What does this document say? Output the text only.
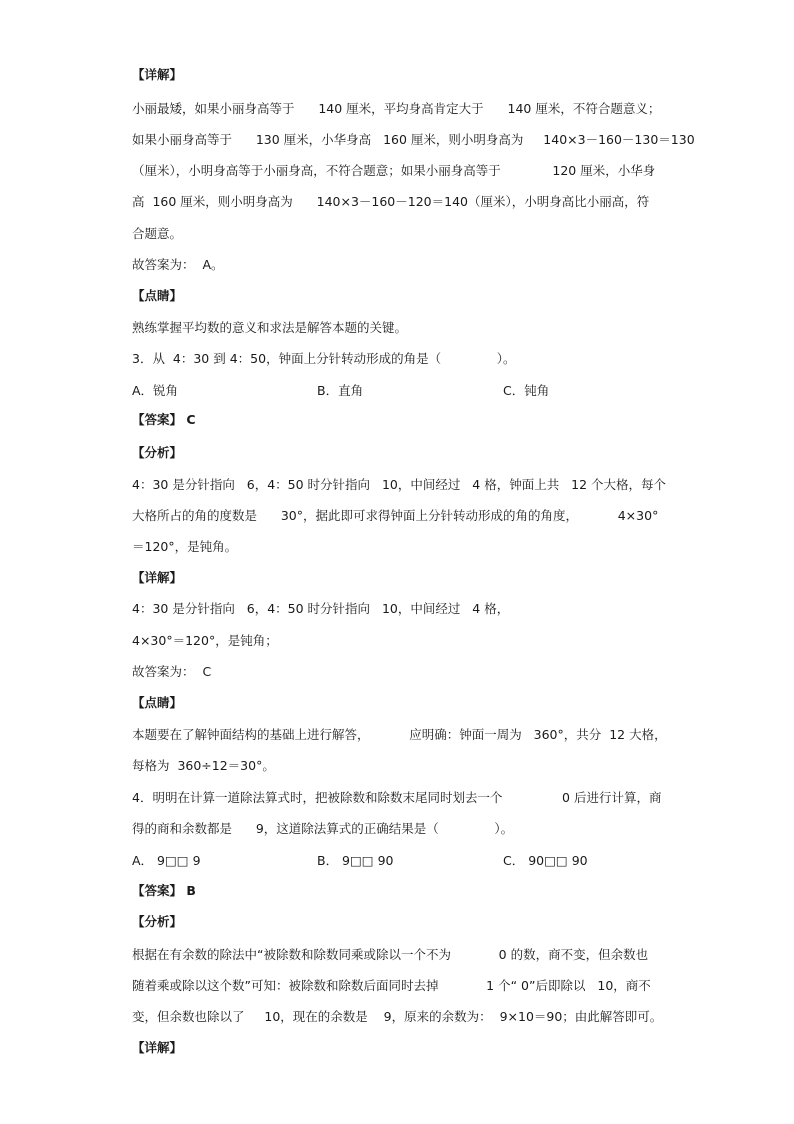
【详解】
小丽最矮，如果小丽身高等于      140 厘米，平均身高肯定大于      140 厘米，不符合题意义；
如果小丽身高等于      130 厘米，小华身高   160 厘米，则小明身高为     140×3－160－130＝130
（厘米），小明身高等于小丽身高，不符合题意；如果小丽身高等于             120 厘米，小华身
高  160 厘米，则小明身高为      140×3－160－120＝140（厘米），小明身高比小丽高，符
合题意。
故答案为：  A。
【点睛】
熟练掌握平均数的意义和求法是解答本题的关键。
3．从  4：30 到 4：50，钟面上分针转动形成的角是（              ）。
A．锐角	B．直角	C．钝角
【答案】 C
【分析】
4：30 是分针指向   6，4：50 时分针指向   10，中间经过   4 格，钟面上共   12 个大格，每个
大格所占的角的度数是      30°，据此即可求得钟面上分针转动形成的角的角度，          4×30°
＝120°，是钝角。
【详解】
4：30 是分针指向   6，4：50 时分针指向   10，中间经过   4 格，
4×30°＝120°，是钝角；
故答案为：  C
【点睛】
本题要在了解钟面结构的基础上进行解答，          应明确：钟面一周为   360°，共分  12 大格，
每格为  360÷12＝30°。
4．明明在计算一道除法算式时，把被除数和除数末尾同时划去一个               0 后进行计算，商
得的商和余数都是      9，这道除法算式的正确结果是（              ）。
A． 9□□ 9	B． 9□□ 90	C． 90□□ 90
【答案】 B
【分析】
根据在有余数的除法中“被除数和除数同乘或除以一个不为            0 的数，商不变，但余数也
随着乘或除以这个数”可知：被除数和除数后面同时去掉            1 个“ 0”后即除以   10，商不
变，但余数也除以了     10，现在的余数是    9，原来的余数为：  9×10＝90；由此解答即可。
【详解】
